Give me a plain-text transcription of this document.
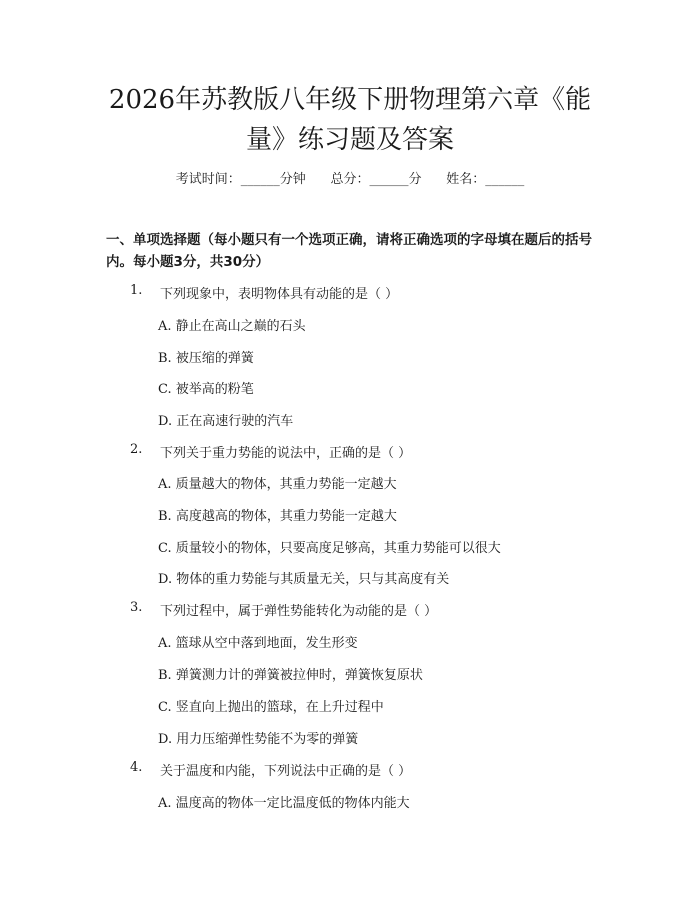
2026年苏教版八年级下册物理第六章《能
量》练习题及答案
考试时间：______分钟      总分：______分      姓名：______
一、单项选择题（每小题只有一个选项正确，请将正确选项的字母填在题后的括号内。每小题3分，共30分）
1. 下列现象中，表明物体具有动能的是（ ）
A. 静止在高山之巅的石头
B. 被压缩的弹簧
C. 被举高的粉笔
D. 正在高速行驶的汽车
2. 下列关于重力势能的说法中，正确的是（ ）
A. 质量越大的物体，其重力势能一定越大
B. 高度越高的物体，其重力势能一定越大
C. 质量较小的物体，只要高度足够高，其重力势能可以很大
D. 物体的重力势能与其质量无关，只与其高度有关
3. 下列过程中，属于弹性势能转化为动能的是（ ）
A. 篮球从空中落到地面，发生形变
B. 弹簧测力计的弹簧被拉伸时，弹簧恢复原状
C. 竖直向上抛出的篮球，在上升过程中
D. 用力压缩弹性势能不为零的弹簧
4. 关于温度和内能，下列说法中正确的是（ ）
A. 温度高的物体一定比温度低的物体内能大
